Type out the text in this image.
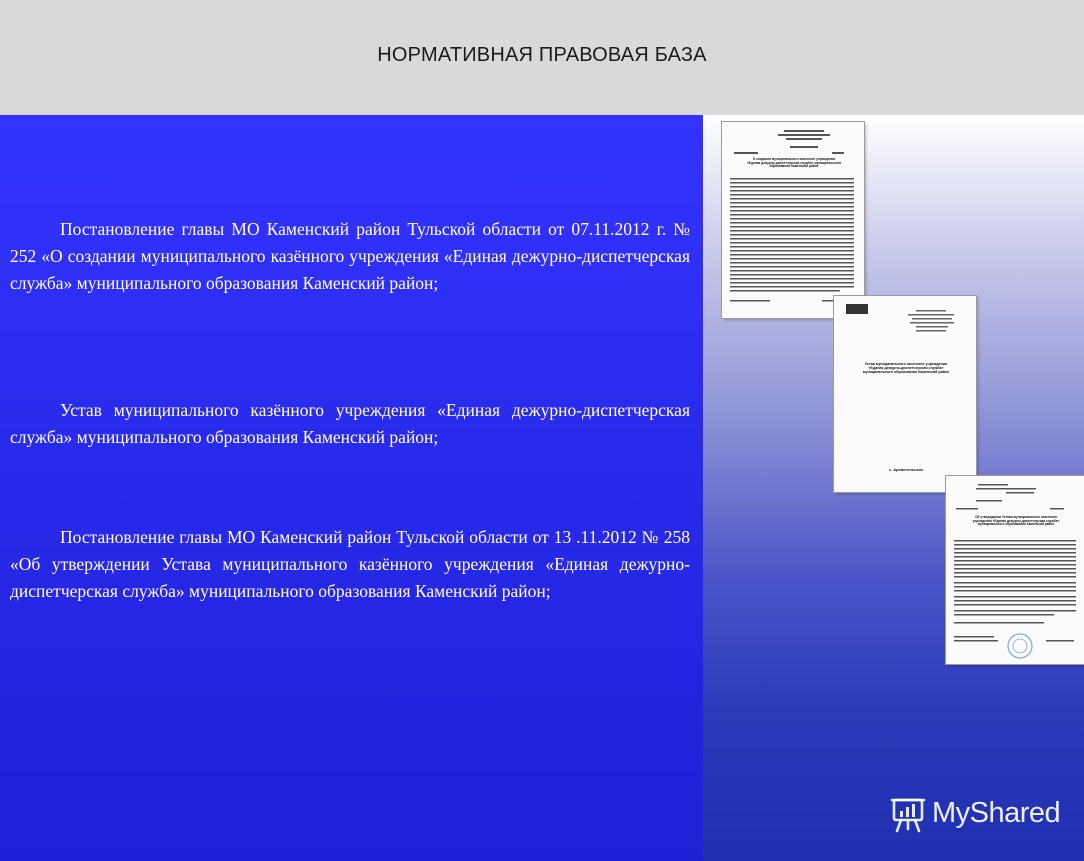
НОРМАТИВНАЯ ПРАВОВАЯ БАЗА

Постановление главы МО Каменский район Тульской области от 07.11.2012 г. № 252 «О создании муниципального казённого учреждения «Единая дежурно-диспетчерская служба» муниципального образования Каменский район;

Устав муниципального казённого учреждения «Единая дежурно-диспетчерская служба» муниципального образования Каменский район;

Постановление главы МО Каменский район Тульской области от 13 .11.2012 № 258 «Об утверждении Устава муниципального казённого учреждения «Единая дежурно-диспетчерская служба» муниципального образования Каменский район;

О создании муниципального казенного учреждения «Единая дежурно-диспетчерская служба» муниципального образования Каменский район
Устав муниципального казенного учреждения «Единая дежурно-диспетчерская служба» муниципального образования Каменский район
с. Архангельское
Об утверждении Устава муниципального казенного учреждения «Единая дежурно-диспетчерская служба» муниципального образования Каменский район
MyShared
